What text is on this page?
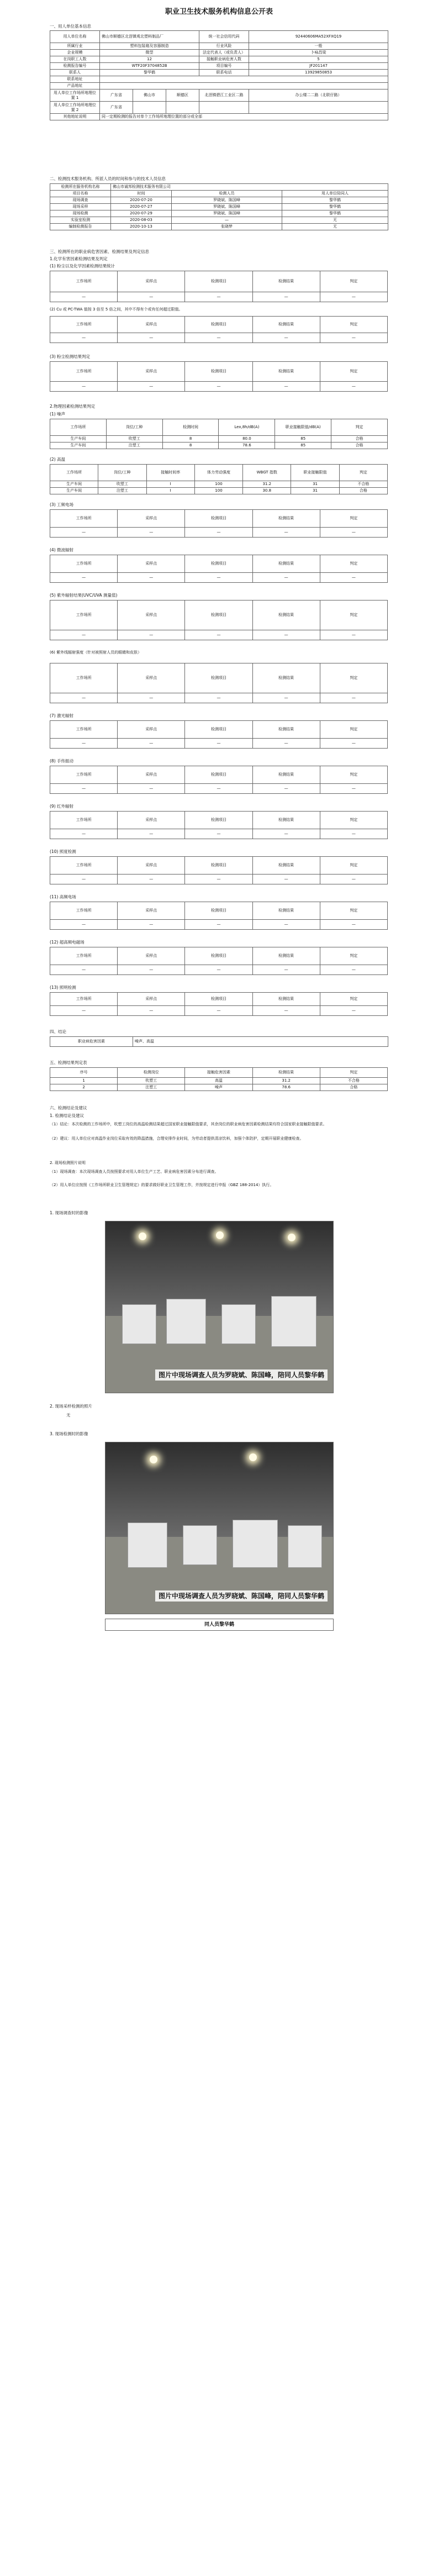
职业卫生技术服务机构信息公开表
一、用人单位基本信息
用人单位名称	佛山市顺德区北滘镇观北塑料制品厂			统一社会信用代码	92440606MA52XFXQ19
所属行业	塑料包装箱及容器制造			行业风险	一般
企业规模	微型			法定代表人（或负责人）	卜咏昌梁
在岗职工人数	12			接触职业病危害人数	5
检测报告编号	WTF20F3704852B			项目编号	JF201147
联系人	黎华鹤			联系电话	13929850853
联系地址					
产品地址					
用人单位工作场所地理位置 1	广东省	佛山市	顺德区	北滘镇碧江工业区二路	办公楼二二路（北联仔路）
用人单位工作场所地理位置 2	广东省				
其他地址说明	同一定期检测的报告对单个工作场所地理位置的部分或全部				
二、检测技术服务机构、所派人员的时间和参与的技术人员信息
检测所在服务机构名称	佛山市诚邦检测技术服务有限公司		
项目名称	时间	检测人员	用人单位陪同人
现场调查	2020-07-20	罗晓斌、陈国峰	黎华鹤
现场采样	2020-07-27	罗晓斌、陈国峰	黎华鹤
现场检测	2020-07-29	罗晓斌、陈国峰	黎华鹤
实验室检测	2020-08-03	—	无
编制检测报告	2020-10-13	张晓梦	无
三、检测所在的职业病危害因素、检测结果及判定信息
1.化学有害因素检测结果及判定
(1) 粉尘以及化学因素检测结果统计
工作场所	采样点	检测项目	检测结果	判定
—	—	—	—	—
(2) Cu 或 PC-TWA 值按 3 倍至 5 倍之间，其中不得有个或有任何超过限值。
工作场所	采样点	检测项目	检测结果	判定
—	—	—	—	—
(3) 粉尘检测结果判定
工作场所	采样点	检测项目	检测结果	判定
—	—	—	—	—
2.物理因素检测结果判定
(1) 噪声
工作场所	岗位/工种	检测时间	Lex,8h/dB(A)	职业接触限值/dB(A)	判定
生产车间	吹塑工	8	80.0	85	合格
生产车间	注塑工	8	78.6	85	合格
(2) 高温
工作场所	岗位/工种	接触时间率	体力劳动强度	WBGT 指数	职业接触限值	判定
生产车间	吹塑工	I	100	31.2	31	不合格
生产车间	注塑工	I	100	30.8	31	合格
(3) 工频电场
工作场所	采样点	检测项目	检测结果	判定
—	—	—	—	—
(4) 微波辐射
工作场所	采样点	检测项目	检测结果	判定
—	—	—	—	—
(5) 紫外辐射结果(UVC/UVA 测量值)
工作场所	采样点	检测项目	检测结果	判定
—	—	—	—	—
(6) 紫外线辐射强度（针对被照射人员的眼睛和皮肤）
工作场所	采样点	检测项目	检测结果	判定
—	—	—	—	—
(7) 激光辐射
工作场所	采样点	检测项目	检测结果	判定
—	—	—	—	—
(8) 手传振动
工作场所	采样点	检测项目	检测结果	判定
—	—	—	—	—
(9) 红外辐射
工作场所	采样点	检测项目	检测结果	判定
—	—	—	—	—
(10) 照度检测
工作场所	采样点	检测项目	检测结果	判定
—	—	—	—	—
(11) 高频电场
工作场所	采样点	检测项目	检测结果	判定
—	—	—	—	—
(12) 超高频电磁场
工作场所	采样点	检测项目	检测结果	判定
—	—	—	—	—
(13) 照明检测
工作场所	采样点	检测项目	检测结果	判定
—	—	—	—	—
四、结论
职业病危害因素	噪声、高温
五、检测结果判定表
序号	检测岗位	接触危害因素	检测结果	判定
1	吹塑工	高温	31.2	不合格
2	注塑工	噪声	78.6	合格
六、检测结论及建议
1. 检测结论及建议
（1）结论：本次检测的工作场所中，吹塑工岗位的高温检测结果超过国家职业接触限值要求，其余岗位的职业病危害因素检测结果均符合国家职业接触限值要求。
（2）建议：用人单位应对高温作业岗位采取有效的降温措施，合理安排作业时间，为劳动者提供清凉饮料，加强个体防护，定期开展职业健康检查。
2. 现场检测照片说明
（1）现场调查：本次现场调查人员按照要求对用人单位生产工艺、职业病危害因素分布进行调查。
（2）用人单位应按照《工作场所职业卫生管理规定》的要求做好职业卫生管理工作，并按规定进行申报（GBZ 188-2014）执行。
1. 现场调查时的影像
图片中现场调查人员为罗晓斌、陈国峰，陪同人员黎华鹤
2. 现场采样检测的照片
无
3. 现场检测时的影像
图片中现场调查人员为罗晓斌、陈国峰，陪同人员黎华鹤
同人员黎华鹤
